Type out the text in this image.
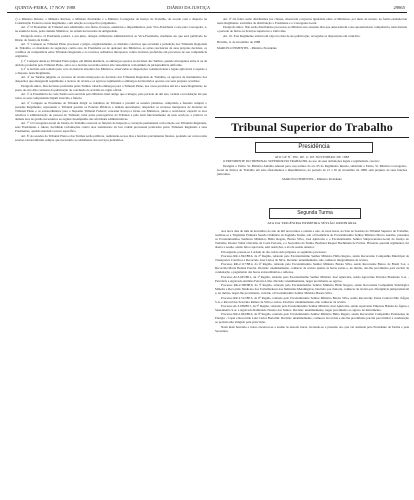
QUINTA-FEIRA, 17 NOV 1988	DIÁRIO DA JUSTIÇA	29865

c) o Ministro Relator, o Ministro Revisor, o Ministro Presidente e o Ministro Corregedor da Justiça do Trabalho, de acordo com o disposto na Constituição Federal e neste Regimento, com relação ao respectivo julgamento.

Art. 2º O Presidente do Tribunal será substituído, nas férias, licenças, ausências e impedimentos, pelo Vice-Presidente e este pelo Corregedor, e, na ausência deste, pelos demais Ministros, na ordem decrescente de antiguidade.

Parágrafo único. O Presidente poderá, a seu juízo, delegar atribuições administrativas ao Vice-Presidente, mediante ato que será publicado no Diário da Justiça da União.

Art. 3º Compete ao Tribunal Pleno processar e julgar, originariamente, os dissídios coletivos que excedam a jurisdição dos Tribunais Regionais do Trabalho, os mandados de segurança contra atos do Presidente ou de qualquer dos Ministros, as ações rescisórias de suas próprias decisões, os conflitos de competência entre Tribunais Regionais e os recursos ordinários interpostos contra decisões proferidas em processos de sua competência originária.

§ 1º Compete ainda ao Tribunal Pleno julgar, em última instância, os embargos opostos às decisões das Turmas, quando divergentes entre si ou de decisão proferida pelo Tribunal Pleno, salvo se a decisão recorrida estiver em consonância com súmula de jurisprudência uniforme.

§ 2º A decisão será tomada pelo voto da maioria absoluta dos Ministros, observadas as disposições constitucionais e legais aplicáveis à espécie e o disposto neste Regimento.

Art. 4º As Turmas julgarão os recursos de revista interpostos de decisões dos Tribunais Regionais do Trabalho, os agravos de instrumento dos despachos que denegarem seguimento a recurso de revista e os agravos regimentais e embargos declaratórios opostos aos seus próprios acórdãos.

Parágrafo único. Das decisões proferidas pelas Turmas caberão embargos para o Tribunal Pleno, nos casos previstos em lei e neste Regimento, no prazo de oito dias contados da publicação da conclusão do acórdão no órgão oficial.

Art. 5º A Presidência de cada Turma será exercida pelo Ministro mais antigo que a integre, pelo período de um ano, vedada a recondução até que todos os seus componentes hajam exercido a função.

Art. 6º Compete ao Presidente do Tribunal dirigir os trabalhos do Tribunal e presidir as sessões plenárias, cumprindo e fazendo cumprir o presente Regimento; representar o Tribunal perante os Poderes Públicos e demais autoridades; despachar os recursos interpostos de decisões do Tribunal Pleno e os extraordinários para o Supremo Tribunal Federal; conceder licença e férias aos Ministros, juízes e servidores; expedir os atos relativos à administração do pessoal do Tribunal; velar pelas prerrogativas do Tribunal e pelo bom funcionamento de seus serviços; e praticar os demais atos de gestão necessários ao regular desempenho das atividades administrativas.

Art. 7º O Corregedor-Geral da Justiça do Trabalho exercerá as funções de inspeção e correição permanente com relação aos Tribunais Regionais, seus Presidentes e Juízes, decidindo reclamações contra atos atentatórios da boa ordem processual praticados pelos Tribunais Regionais e seus Presidentes, quando inexistir recurso específico.

Art. 8º As sessões do Tribunal Pleno e das Turmas serão públicas, realizando-se nos dias e horários previamente fixados, podendo ser convocadas sessões extraordinárias sempre que necessário ao andamento dos serviços judiciários.

Art. 9º Os feitos serão distribuídos por classes, observada a rigorosa igualdade entre os Ministros, por meio de sorteio, na forma estabelecida neste Regimento, excluídos da distribuição o Presidente e o Corregedor-Geral.

Parágrafo único. Não serão distribuídos processos ao Ministro nos sessenta dias que antecederem a sua aposentadoria compulsória, nem durante o período de férias ou licenças superiores a trinta dias.

Art. 10. Este Regimento entrará em vigor na data de sua publicação, revogadas as disposições em contrário.

Brasília, 11 de novembro de 1988
MARCELO PIMENTEL - Ministro Presidente
Tribunal Superior do Trabalho
Presidência

ATO GP Nº 386, DE 11 DE NOVEMBRO DE 1988

O PRESIDENTE DO TRIBUNAL SUPERIOR DO TRABALHO, no uso de suas atribuições legais e regimentais, resolve:

Designar o Exmo. Sr. Ministro Antônio Amaral para, nos termos do art. 65 do Regimento Interno, substituir o Exmo. Sr. Ministro Corregedor-Geral da Justiça do Trabalho em seus afastamentos e impedimentos, no período de 21 a 30 de novembro de 1988, sem prejuízo de suas funções judicantes.

MARCELO PIMENTEL - Ministro Presidente

Segunda Turma
ATA DA TRIGÉSIMA PRIMEIRA SESSÃO ORDINÁRIA

Aos nove dias do mês de novembro do ano de mil novecentos e oitenta e oito, às treze horas, na Sala de Sessões do Tribunal Superior do Trabalho, realizou-se a Trigésima Primeira Sessão Ordinária da Segunda Turma, sob a Presidência do Excelentíssimo Senhor Ministro Marco Aurélio, presentes os Excelentíssimos Senhores Ministros Hélio Regato, Barata Silva, José Ajuricaba e o Excelentíssimo Senhor Subprocurador-Geral da Justiça do Trabalho, Doutor Valter Otaviano da Costa Ferreira, e a Secretária da Turma, Bacharel Raquel Hochmann de Freitas. Havendo quorum regimental, foi aberta a sessão, sendo lida e aprovada, sem restrições, a ata da sessão anterior.

Em seguida, passou-se à ordem do dia, tendo sido julgados os seguintes processos:

Processo RR-1.822/88.6, da 2ª Região, relatado pelo Excelentíssimo Senhor Ministro Hélio Regato, sendo Recorrente Companhia Municipal de Transportes Coletivos e Recorrido José Carlos da Silva. Decisão: unanimemente, não conhecer integralmente da revista.

Processo RR-2.117/88.4, da 4ª Região, relatado pelo Excelentíssimo Senhor Ministro Barata Silva, sendo Recorrente Banco do Brasil S.A. e Recorrida Maria Helena Pereira. Decisão: unanimemente, conhecer da revista quanto às horas extras e, no mérito, dar-lhe provimento para excluir da condenação o pagamento das horas extraordinárias e reflexos.

Processo AI-3.045/88.1, da 1ª Região, relatado pelo Excelentíssimo Senhor Ministro José Ajuricaba, sendo Agravante Petróleo Brasileiro S.A. - Petrobrás e Agravado Antônio Ferreira Lima. Decisão: unanimemente, negar provimento ao agravo.

Processo RR-2.390/88.9, da 3ª Região, relatado pelo Excelentíssimo Senhor Ministro Hélio Regato, sendo Recorrente Companhia Siderúrgica Mineira e Recorrido Sindicato dos Trabalhadores nas Indústrias Metalúrgicas. Decisão: por maioria, conhecer da revista por divergência jurisprudencial e, no mérito, negar-lhe provimento, vencido o Excelentíssimo Senhor Ministro Barata Silva.

Processo RR-2.512/88.3, da 6ª Região, relatado pelo Excelentíssimo Senhor Ministro Barata Silva, sendo Recorrente Usina Central Olho d'Água S.A. e Recorridos Severino Ramos da Silva e outros. Decisão: unanimemente, não conhecer da revista.

Processo AI-3.188/88.7, da 5ª Região, relatado pelo Excelentíssimo Senhor Ministro José Ajuricaba, sendo Agravante Empresa Baiana de Águas e Saneamento S.A. e Agravado Raimundo Nonato dos Santos. Decisão: unanimemente, negar provimento ao agravo de instrumento.

Processo RR-2.604/88.0, da 9ª Região, relatado pelo Excelentíssimo Senhor Ministro Hélio Regato, sendo Recorrente Companhia Paranaense de Energia - Copel e Recorrido Luiz Carlos Bortolini. Decisão: unanimemente, conhecer da revista e dar-lhe provimento parcial para limitar a condenação ao período não atingido pela prescrição.

Nada mais havendo a tratar, encerrou-se a sessão às dezoito horas, lavrando-se a presente ata, que vai assinada pelo Presidente da Turma e pela Secretária.
